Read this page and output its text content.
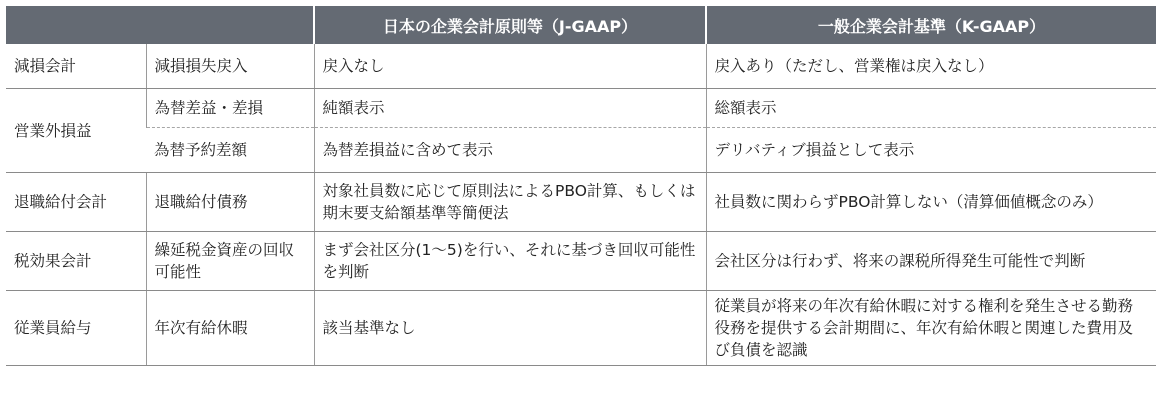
		日本の企業会計原則等（J-GAAP）	一般企業会計基準（K-GAAP）
減損会計	減損損失戻入	戻入なし	戻入あり（ただし、営業権は戻入なし）
営業外損益	為替差益・差損	純額表示	総額表示
	為替予約差額	為替差損益に含めて表示	デリバティブ損益として表示
退職給付会計	退職給付債務	対象社員数に応じて原則法によるPBO計算、もしくは期末要支給額基準等簡便法	社員数に関わらずPBO計算しない（清算価値概念のみ）
税効果会計	繰延税金資産の回収可能性	まず会社区分(1〜5)を行い、それに基づき回収可能性を判断	会社区分は行わず、将来の課税所得発生可能性で判断
従業員給与	年次有給休暇	該当基準なし	従業員が将来の年次有給休暇に対する権利を発生させる勤務役務を提供する会計期間に、年次有給休暇と関連した費用及び負債を認識
